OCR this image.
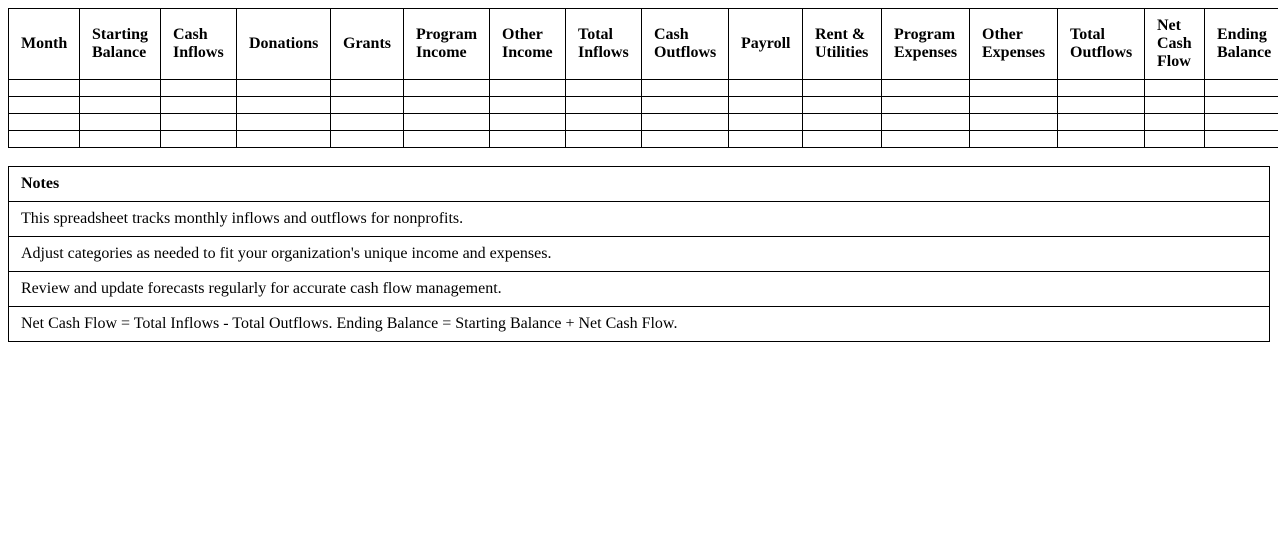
Month	Starting Balance	Cash Inflows	Donations	Grants	Program Income	Other Income	Total Inflows	Cash Outflows	Payroll	Rent & Utilities	Program Expenses	Other Expenses	Total Outflows	Net Cash Flow	Ending Balance

Notes
This spreadsheet tracks monthly inflows and outflows for nonprofits.
Adjust categories as needed to fit your organization's unique income and expenses.
Review and update forecasts regularly for accurate cash flow management.
Net Cash Flow = Total Inflows - Total Outflows. Ending Balance = Starting Balance + Net Cash Flow.
